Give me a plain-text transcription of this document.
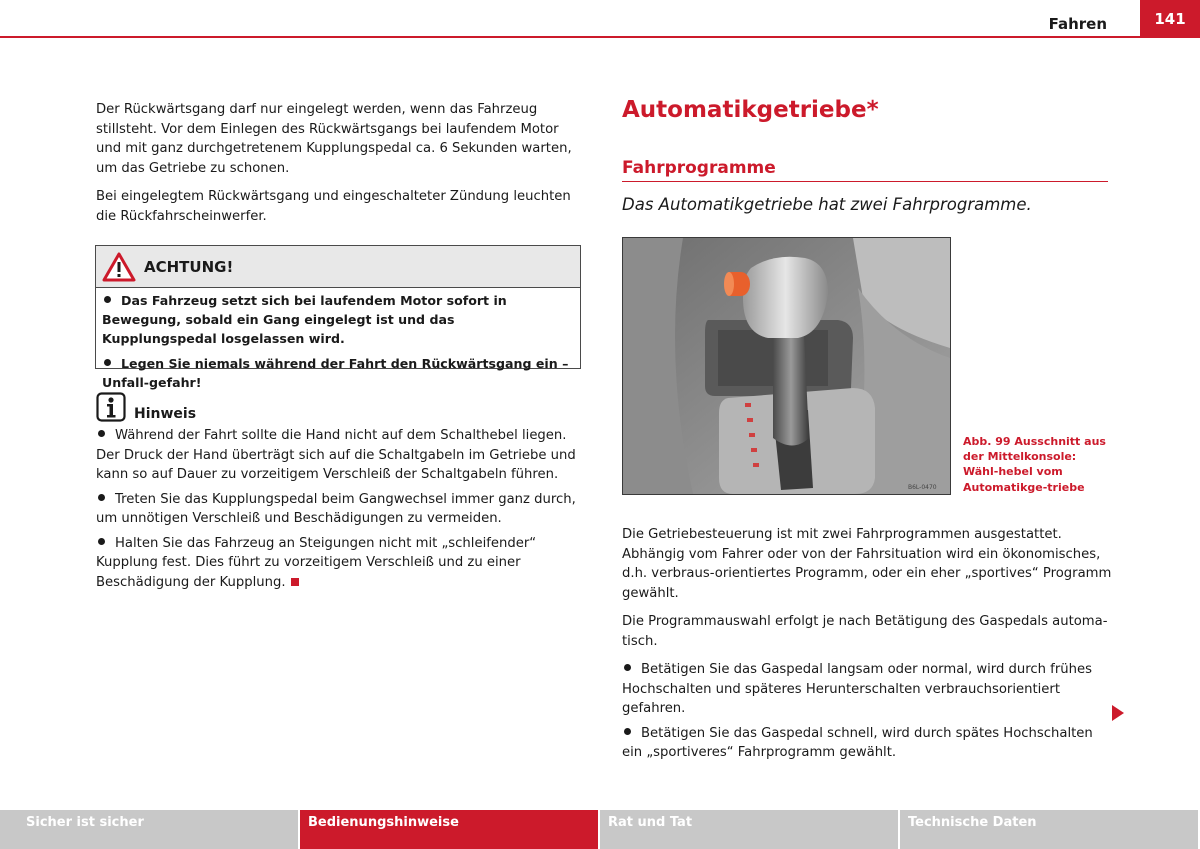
Fahren	141

Der Rückwärtsgang darf nur eingelegt werden, wenn das Fahrzeug stillsteht. Vor dem Einlegen des Rückwärtsgangs bei laufendem Motor und mit ganz durchgetretenem Kupplungspedal ca. 6 Sekunden warten, um das Getriebe zu schonen.

Bei eingelegtem Rückwärtsgang und eingeschalteter Zündung leuchten die Rückfahrscheinwerfer.

ACHTUNG!
Das Fahrzeug setzt sich bei laufendem Motor sofort in Bewegung, sobald ein Gang eingelegt ist und das Kupplungspedal losgelassen wird.
Legen Sie niemals während der Fahrt den Rückwärtsgang ein – Unfall-gefahr!
Hinweis

Während der Fahrt sollte die Hand nicht auf dem Schalthebel liegen. Der Druck der Hand überträgt sich auf die Schaltgabeln im Getriebe und kann so auf Dauer zu vorzeitigem Verschleiß der Schaltgabeln führen.

Treten Sie das Kupplungspedal beim Gangwechsel immer ganz durch, um unnötigen Verschleiß und Beschädigungen zu vermeiden.

Halten Sie das Fahrzeug an Steigungen nicht mit „schleifender“ Kupplung fest. Dies führt zu vorzeitigem Verschleiß und zu einer Beschädigung der Kupplung.

Automatikgetriebe*
Fahrprogramme
Das Automatikgetriebe hat zwei Fahrprogramme.
B6L-0470
Abb. 99 Ausschnitt aus der Mittelkonsole: Wähl-hebel vom Automatikge-triebe

Die Getriebesteuerung ist mit zwei Fahrprogrammen ausgestattet. Abhängig vom Fahrer oder von der Fahrsituation wird ein ökonomisches, d.h. verbraus-orientiertes Programm, oder ein eher „sportives“ Programm gewählt.

Die Programmauswahl erfolgt je nach Betätigung des Gaspedals automa-tisch.

Betätigen Sie das Gaspedal langsam oder normal, wird durch frühes Hochschalten und späteres Herunterschalten verbrauchsorientiert gefahren.

Betätigen Sie das Gaspedal schnell, wird durch spätes Hochschalten ein „sportiveres“ Fahrprogramm gewählt.

Sicher ist sicher	Bedienungshinweise	Rat und Tat	Technische Daten
